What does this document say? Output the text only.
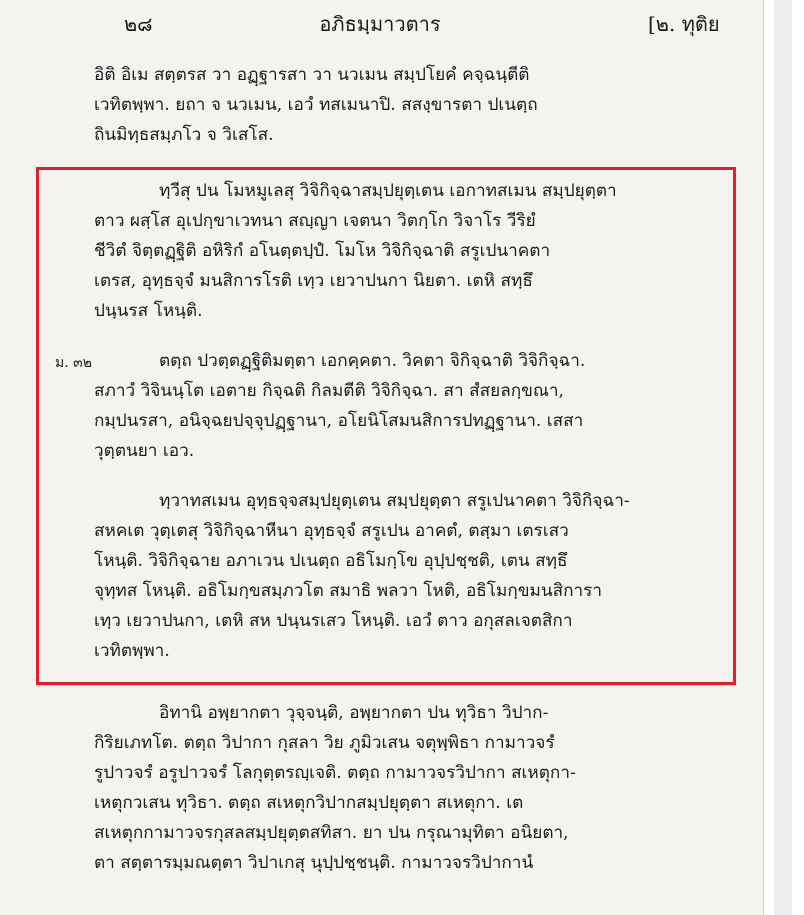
๒๘	อภิธมฺมาวตาร	[๒. ทุติย
อิติ อิเม สตฺตรส วา อฏฺฐารสา วา นวเมน สมฺปโยคํ คจฺฉนฺตีติ
เวทิตพฺพา. ยถา จ นวเมน, เอวํ ทสเมนาปิ. สสงฺขารตา ปเนตฺถ
ถินมิทฺธสมฺภโว จ วิเสโส.
ทฺวีสุ ปน โมหมูเลสุ วิจิกิจฺฉาสมฺปยุตฺเตน เอกาทสเมน สมฺปยุตฺตา
ตาว ผสฺโส อุเปกฺขาเวทนา สญฺญา เจตนา วิตกฺโก วิจาโร วีริยํ
ชีวิตํ จิตฺตฏฺฐิติ อหิริกํ อโนตฺตปฺปํ. โมโห วิจิกิจฺฉาติ สรูเปนาคตา
เตรส, อุทฺธจฺจํ มนสิการโรติ เทฺว เยวาปนกา นิยตา. เตหิ สทฺธึ
ปนฺนรส โหนฺติ.
ม. ๓๒	ตตฺถ ปวตฺตฏฺฐิติมตฺตา เอกคฺคตา. วิคตา จิกิจฺฉาติ วิจิกิจฺฉา.
สภาวํ วิจินนฺโต เอตาย กิจฺฉติ กิลมตีติ วิจิกิจฺฉา. สา สํสยลกฺขณา,
กมฺปนรสา, อนิจฺฉยปจฺจุปฏฺฐานา, อโยนิโสมนสิการปทฏฺฐานา. เสสา
วุตฺตนยา เอว.
ทฺวาทสเมน อุทฺธจฺจสมฺปยุตฺเตน สมฺปยุตฺตา สรูเปนาคตา วิจิกิจฺฉา-
สหคเต วุตฺเตสุ วิจิกิจฺฉาหีนา อุทฺธจฺจํ สรูเปน อาคตํ, ตสฺมา เตรเสว
โหนฺติ. วิจิกิจฺฉาย อภาเวน ปเนตฺถ อธิโมกฺโข อุปฺปชฺชติ, เตน สทฺธึ
จุทฺทส โหนฺติ. อธิโมกฺขสมฺภวโต สมาธิ พลวา โหติ, อธิโมกฺขมนสิการา
เทฺว เยวาปนกา, เตหิ สห ปนฺนรเสว โหนฺติ. เอวํ ตาว อกุสลเจตสิกา
เวทิตพฺพา.
อิทานิ อพฺยากตา วุจฺจนฺติ, อพฺยากตา ปน ทุวิธา วิปาก-
กิริยเภทโต. ตตฺถ วิปากา กุสลา วิย ภูมิวเสน จตุพฺพิธา กามาวจรํ
รูปาวจรํ อรูปาวจรํ โลกุตฺตรญฺเจติ. ตตฺถ กามาวจรวิปากา สเหตุกา-
เหตุกวเสน ทุวิธา. ตตฺถ สเหตุกวิปากสมฺปยุตฺตา สเหตุกา. เต
สเหตุกกามาวจรกุสลสมฺปยุตฺตสทิสา. ยา ปน กรุณามุทิตา อนิยตา,
ตา สตฺตารมฺมณตฺตา วิปาเกสุ นุปฺปชฺชนฺติ. กามาวจรวิปากานํ
